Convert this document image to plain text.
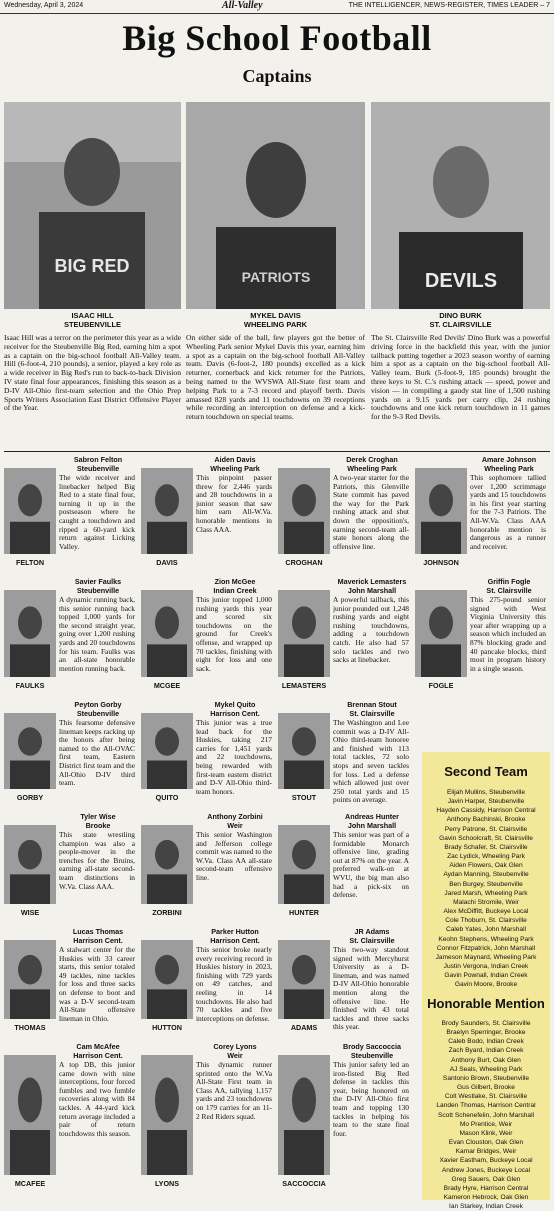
Wednesday, April 3, 2024	All-Valley	THE INTELLIGENCER, NEWS-REGISTER, TIMES LEADER – 7
Big School Football
Captains
BIG RED
PATRIOTS	DEVILS
ISAAC HILL
STEUBENVILLE
MYKEL DAVIS
WHEELING PARK
DINO BURK
ST. CLAIRSVILLE
Isaac Hill was a terror on the perimeter this year as a wide receiver for the Steubenville Big Red, earning him a spot as a captain on the big-school football All-Valley team. Hill (6-foot-4, 210 pounds), a senior, played a key role as a wide receiver in Big Red's run to back-to-back Division IV state final four appearances, finishing this season as a D-IV All-Ohio first-team selection and the Ohio Prep Sports Writers Association East District Offensive Player of the Year.
On either side of the ball, few players got the better of Wheeling Park senior Mykel Davis this year, earning him a spot as a captain on the big-school football All-Valley team. Davis (6-foot-2, 180 pounds) excelled as a kick returner, cornerback and kick returner for the Patriots, being named to the WVSWA All-State first team and helping Park to a 7-3 record and playoff berth. Davis amassed 828 yards and 11 touchdowns on 39 receptions while recording an interception on defense and a kick-return touchdown on special teams.
The St. Clairsville Red Devils' Dino Burk was a powerful driving force in the backfield this year, with the junior tailback putting together a 2023 season worthy of earning him a spot as a captain on the big-school football All-Valley team. Burk (5-foot-9, 185 pounds) brought the three keys to St. C.'s rushing attack — speed, power and vision — in compiling a gaudy stat line of 1,500 rushing yards on a 9.15 yards per carry clip, 24 rushing touchdowns and one kick return touchdown in 11 games for the 9-3 Red Devils.
FELTON
Sabron Felton
Steubenville
The wide receiver and linebacker helped Big Red to a state final four, turning it up in the postseason where he caught a touchdown and ripped a 60-yard kick return against Licking Valley.
DAVIS
Aiden Davis
Wheeling Park
This pinpoint passer threw for 2,446 yards and 28 touchdowns in a junior season that saw him earn All-W.Va. honorable mentions in Class AAA.
CROGHAN
Derek Croghan
Wheeling Park
A two-year starter for the Patriots, this Glenville State commit has paved the way for the Park rushing attack and shut down the opposition's, earning second-team all-state honors along the offensive line.
JOHNSON
Amare Johnson
Wheeling Park
This sophomore tallied over 1,200 scrimmage yards and 15 touchdowns in his first year starting for the 7-3 Patriots. The All-W.Va. Class AAA honorable mention is dangerous as a runner and receiver.
FAULKS
Savier Faulks
Steubenville
A dynamic running back, this senior running back topped 1,000 yards for the second straight year, going over 1,200 rushing yards and 20 touchdowns for his team. Faulks was an all-state honorable mention running back.
MCGEE
Zion McGee
Indian Creek
This junior topped 1,000 rushing yards this year and scored six touchdowns on the ground for Creek's offense, and wrapped up 70 tackles, finishing with eight for loss and one sack.
LEMASTERS
Maverick Lemasters
John Marshall
A powerful tailback, this junior pounded out 1,248 rushing yards and eight rushing touchdowns, adding a touchdown catch. He also had 57 solo tackles and two sacks at linebacker.
FOGLE
Griffin Fogle
St. Clairsville
This 275-pound senior signed with West Virginia University this year after wrapping up a season which included an 87% blocking grade and 40 pancake blocks, third most in program history in a single season.
GORBY
Peyton Gorby
Steubenville
This fearsome defensive lineman keeps racking up the honors after being named to the All-OVAC first team, Eastern District first team and the All-Ohio D-IV third team.
QUITO
Mykel Quito
Harrison Cent.
This junior was a true lead back for the Huskies, taking 217 carries for 1,451 yards and 22 touchdowns, being rewarded with first-team eastern district and D-V All-Ohio third-team honors.
STOUT
Brennan Stout
St. Clairsville
The Washington and Lee commit was a D-IV All-Ohio third-team honoree and finished with 113 total tackles, 72 solo stops and seven tackles for loss. Led a defense which allowed just over 250 total yards and 15 points on average.
WISE
Tyler Wise
Brooke
This state wrestling champion was also a people-mover in the trenches for the Bruins, earning all-state second-team distinctions in W.Va. Class AAA.
ZORBINI
Anthony Zorbini
Weir
This senior Washington and Jefferson college commit was named to the W.Va. Class AA all-state second-team offensive line.
HUNTER
Andreas Hunter
John Marshall
This senior was part of a formidable Monarch offensive line, grading out at 87% on the year. A preferred walk-on at WVU, the big man also had a pick-six on defense.
THOMAS
Lucas Thomas
Harrison Cent.
A stalwart center for the Huskies with 33 career starts, this senior totaled 49 tackles, nine tackles for loss and three sacks on defense to boot and was a D-V second-team All-State offensive lineman in Ohio.
HUTTON
Parker Hutton
Harrison Cent.
This senior broke nearly every receiving record in Huskies history in 2023, finishing with 729 yards on 49 catches, and reeling in 14 touchdowns. He also had 70 tackles and five interceptions on defense.
ADAMS
JR Adams
St. Clairsville
This two-way standout signed with Mercyhurst University as a D-lineman, and was named D-IV All-Ohio honorable mention along the offensive line. He finished with 43 total tackles and three sacks this year.
MCAFEE
Cam McAfee
Harrison Cent.
A top DB, this junior came down with nine interceptions, four forced fumbles and two fumble recoveries along with 84 tackles. A 44-yard kick return average included a pair of return touchdowns this season.
LYONS
Corey Lyons
Weir
This dynamic runner sprinted onto the W.Va All-State First team in Class AA, tallying 1,157 yards and 23 touchdowns on 179 carries for an 11-2 Red Riders squad.
SACCOCCIA
Brody Saccoccia
Steubenville
This junior safety led an iron-fisted Big Red defense in tackles this year, being honored on the D-IV All-Ohio first team and topping 130 tackles in helping his team to the state final four.
Second Team
Elijah Mullins, Steubenville
Javin Harper, Steubenville
Hayden Cassidy, Harrison Central
Anthony Bachinski, Brooke
Perry Patrone, St. Clairsville
Gavin Schoolcraft, St. Clairsville
Brady Schafer, St. Clairsville
Zac Lydick, Wheeling Park
Aiden Flowers, Oak Glen
Aydan Manning, Steubenville
Ben Burgey, Steubenville
Jared Marsh, Wheeling Park
Malachi Stromile, Weir
Alex McDiffitt, Buckeye Local
Cole Thoburn, St. Clairsville
Caleb Yates, John Marshall
Keohn Stephens, Wheeling Park
Connor Fitzpatrick, John Marshall
Jameson Maynard, Wheeling Park
Justin Vergona, Indian Creek
Gavin Pownall, Indian Creek
Gavin Moore, Brooke
Honorable Mention
Brody Saunders, St. Clairsville
Braelyn Sperringer, Brooke
Caleb Bodo, Indian Creek
Zach Byard, Indian Creek
Anthony Burt, Oak Glen
AJ Seals, Wheeling Park
Santonio Brown, Steubenville
Gus Gilbert, Brooke
Colt Westlake, St. Clairsville
Landen Thomas, Harrison Central
Scott Schenefelin, John Marshall
Mo Prentice, Weir
Mason Klink, Weir
Evan Clouston, Oak Glen
Kamar Bridges, Weir
Xavier Eastham, Buckeye Local
Andrew Jones, Buckeye Local
Greg Sauers, Oak Glen
Brady Hyre, Harrison Central
Kameron Hebrock, Oak Glen
Ian Starkey, Indian Creek
